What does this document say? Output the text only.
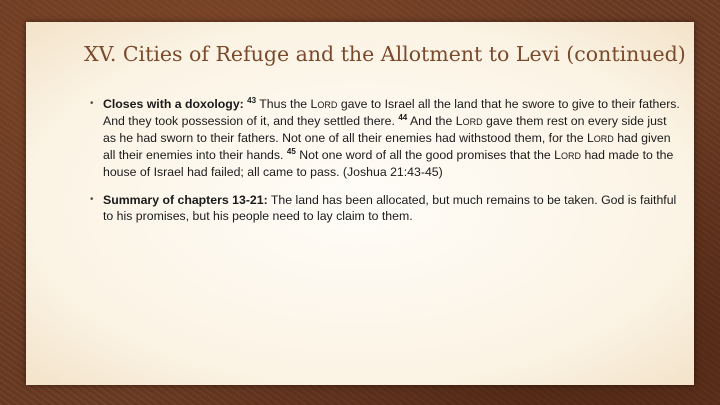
XV. Cities of Refuge and the Allotment to Levi (continued)
• Closes with a doxology: $^{43}$ Thus the LORD gave to Israel all the land that he swore to give to their fathers. And they took possession of it, and they settled there. $^{44}$ And the LORD gave them rest on every side just as he had sworn to their fathers. Not one of all their enemies had withstood them, for the LORD had given all their enemies into their hands. $^{45}$ Not one word of all the good promises that the LORD had made to the house of Israel had failed; all came to pass. (Joshua 21:43-45)
• Summary of chapters 13-21: The land has been allocated, but much remains to be taken. God is faithful to his promises, but his people need to lay claim to them.
